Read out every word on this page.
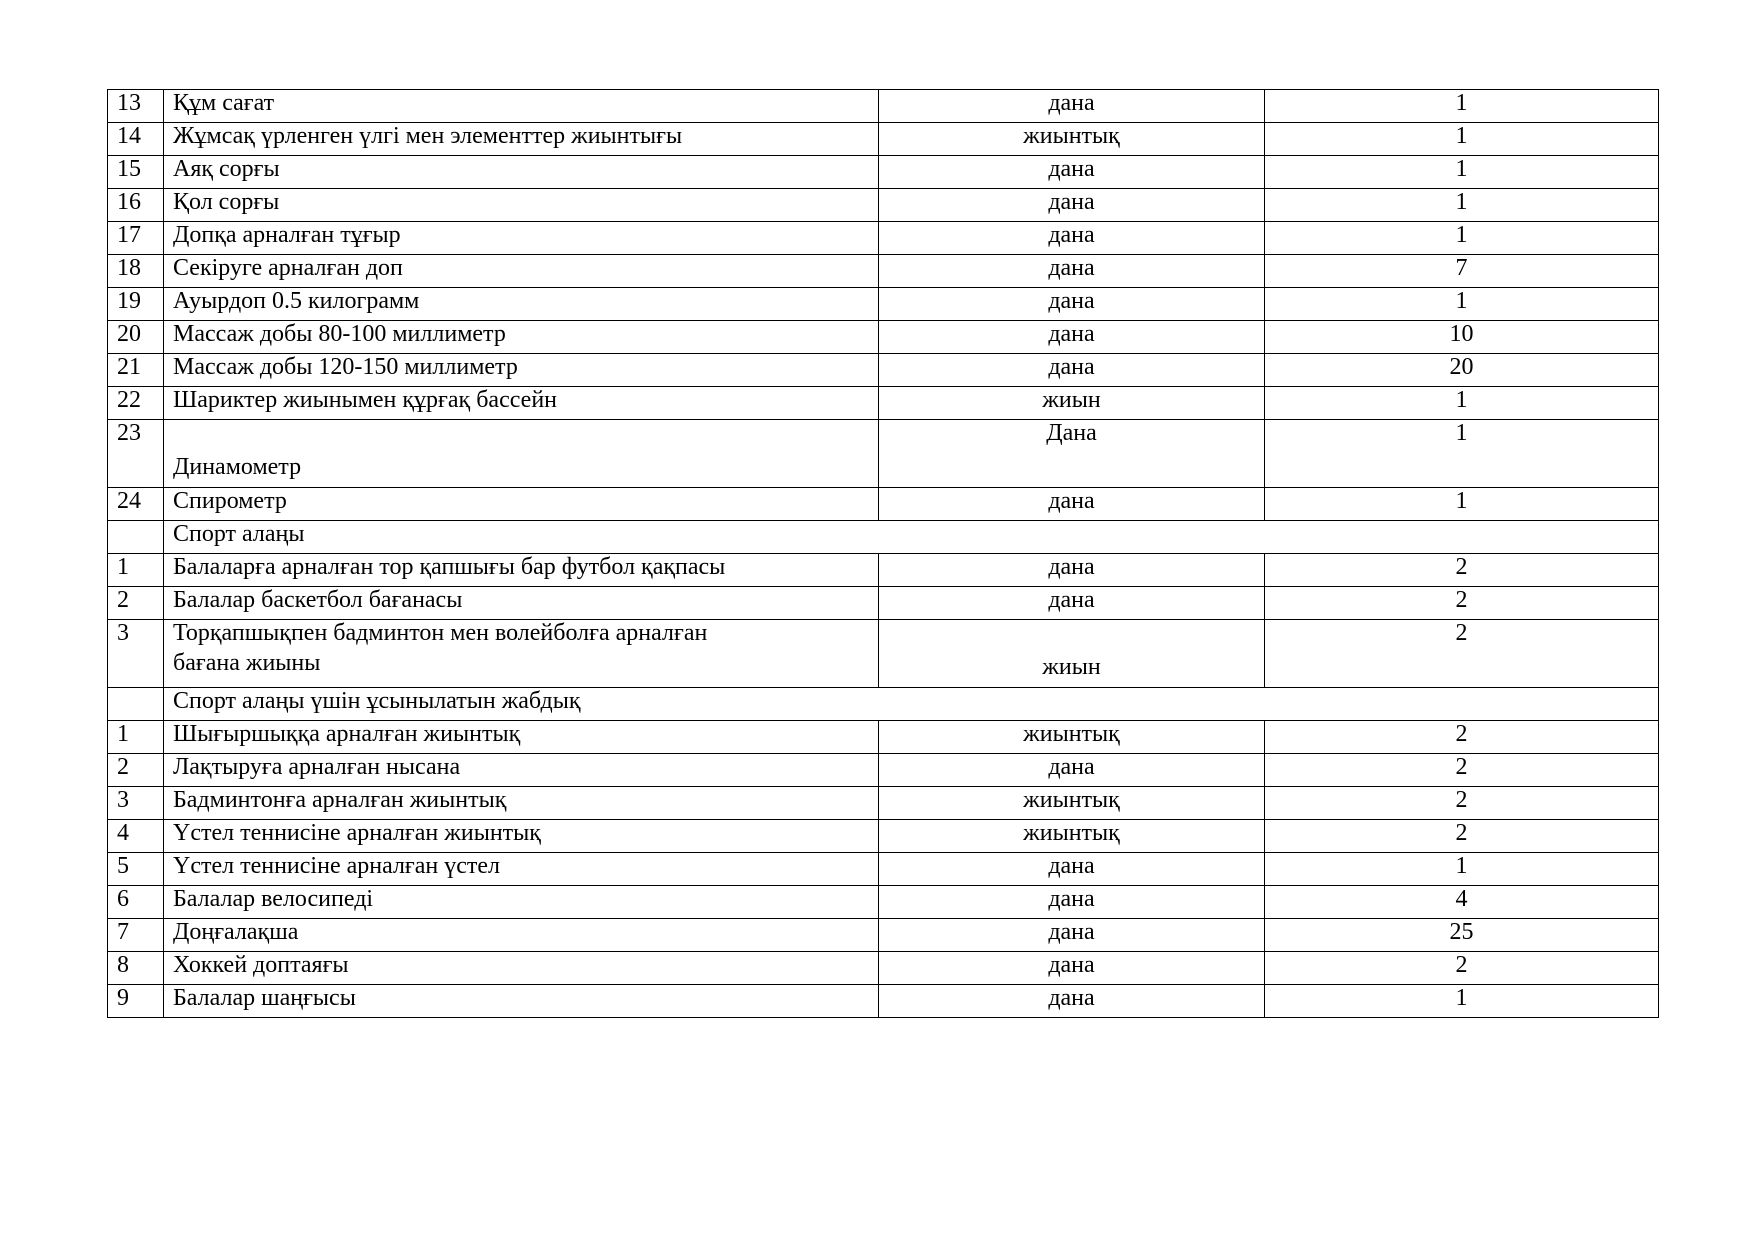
13	Құм сағат	дана	1
14	Жұмсақ үрленген үлгі мен элементтер жиынтығы	жиынтық	1
15	Аяқ сорғы	дана	1
16	Қол сорғы	дана	1
17	Допқа арналған тұғыр	дана	1
18	Секіруге арналған доп	дана	7
19	Ауырдоп 0.5 килограмм	дана	1
20	Массаж добы 80-100 миллиметр	дана	10
21	Массаж добы 120-150 миллиметр	дана	20
22	Шариктер жиынымен құрғақ бассейн	жиын	1
23	Динамометр	Дана	1
24	Спирометр	дана	1
	Спорт алаңы		
1	Балаларға арналған тор қапшығы бар футбол қақпасы	дана	2
2	Балалар баскетбол бағанасы	дана	2
3	Торқапшықпен бадминтон мен волейболға арналған
бағана жиыны	жиын	2
	Спорт алаңы үшін ұсынылатын жабдық		
1	Шығыршыққа арналған жиынтық	жиынтық	2
2	Лақтыруға арналған нысана	дана	2
3	Бадминтонға арналған жиынтық	жиынтық	2
4	Үстел теннисіне арналған жиынтық	жиынтық	2
5	Үстел теннисіне арналған үстел	дана	1
6	Балалар велосипеді	дана	4
7	Доңғалақша	дана	25
8	Хоккей доптаяғы	дана	2
9	Балалар шаңғысы	дана	1
